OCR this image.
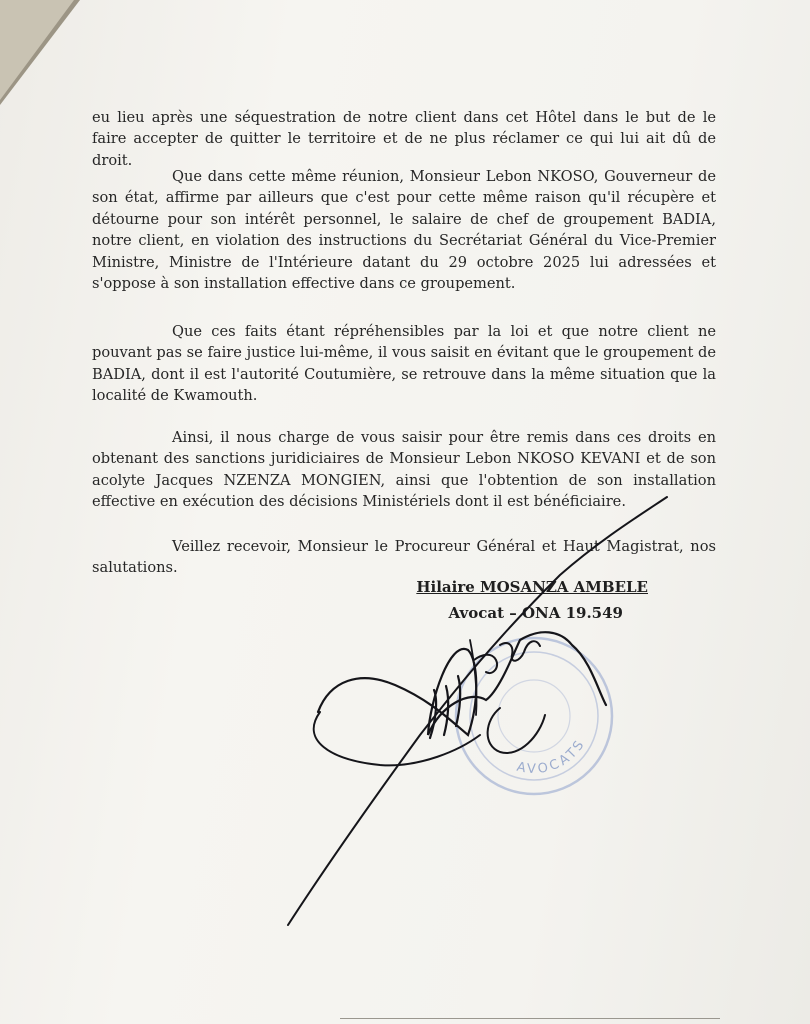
eu lieu après une séquestration de notre client dans cet Hôtel dans le but de le faire accepter de quitter le territoire et de ne plus réclamer ce qui lui ait dû de droit.

Que dans cette même réunion, Monsieur Lebon NKOSO, Gouverneur de son état, affirme par ailleurs que c'est pour cette même raison qu'il récupère et détourne pour son intérêt personnel, le salaire de chef de groupement BADIA, notre client, en violation des instructions du Secrétariat Général du Vice-Premier Ministre, Ministre de l'Intérieure datant du 29 octobre 2025 lui adressées et s'oppose à son installation effective dans ce groupement.

Que ces faits étant répréhensibles par la loi et que notre client ne pouvant pas se faire justice lui-même, il vous saisit en évitant que le groupement de BADIA, dont il est l'autorité Coutumière, se retrouve dans la même situation que la localité de Kwamouth.

Ainsi, il nous charge de vous saisir pour être remis dans ces droits en obtenant des sanctions juridiciaires de Monsieur Lebon NKOSO KEVANI et de son acolyte Jacques NZENZA MONGIEN, ainsi que l'obtention de son installation effective en exécution des décisions Ministériels dont il est bénéficiaire.

Veillez recevoir, Monsieur le Procureur Général et Haut Magistrat, nos salutations.

Hilaire MOSANZA AMBELE
Avocat – ONA 19.549
AVOCATS
